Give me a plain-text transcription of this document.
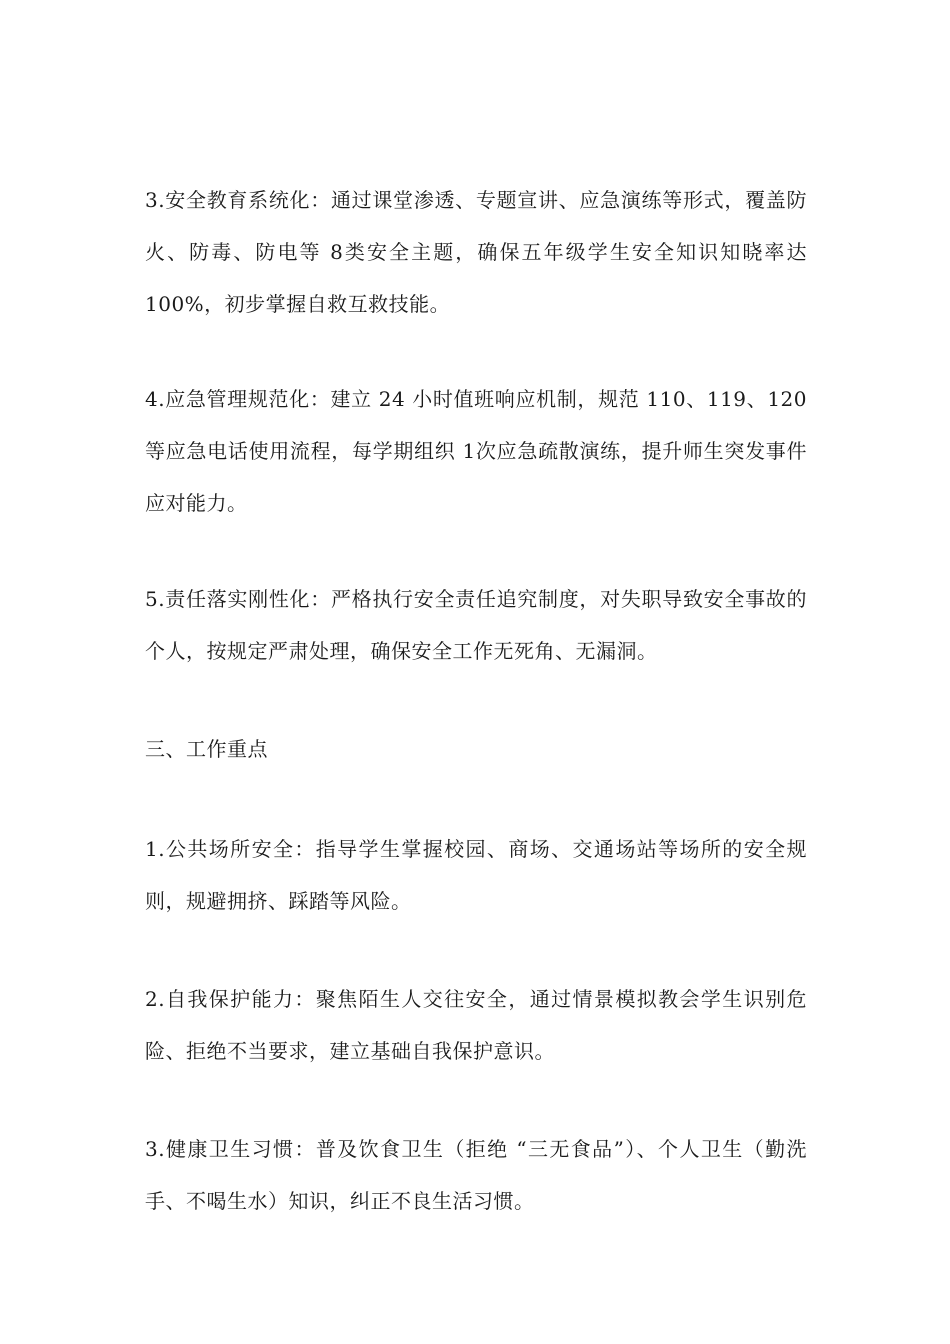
3.安全教育系统化：通过课堂渗透、专题宣讲、应急演练等形式，覆盖防火、防毒、防电等 8类安全主题，确保五年级学生安全知识知晓率达 100%，初步掌握自救互救技能。

4.应急管理规范化：建立 24 小时值班响应机制，规范 110、119、120等应急电话使用流程，每学期组织 1次应急疏散演练，提升师生突发事件应对能力。

5.责任落实刚性化：严格执行安全责任追究制度，对失职导致安全事故的个人，按规定严肃处理，确保安全工作无死角、无漏洞。

三、工作重点

1.公共场所安全：指导学生掌握校园、商场、交通场站等场所的安全规则，规避拥挤、踩踏等风险。

2.自我保护能力：聚焦陌生人交往安全，通过情景模拟教会学生识别危险、拒绝不当要求，建立基础自我保护意识。

3.健康卫生习惯：普及饮食卫生（拒绝 “三无食品”）、个人卫生（勤洗手、不喝生水）知识，纠正不良生活习惯。
